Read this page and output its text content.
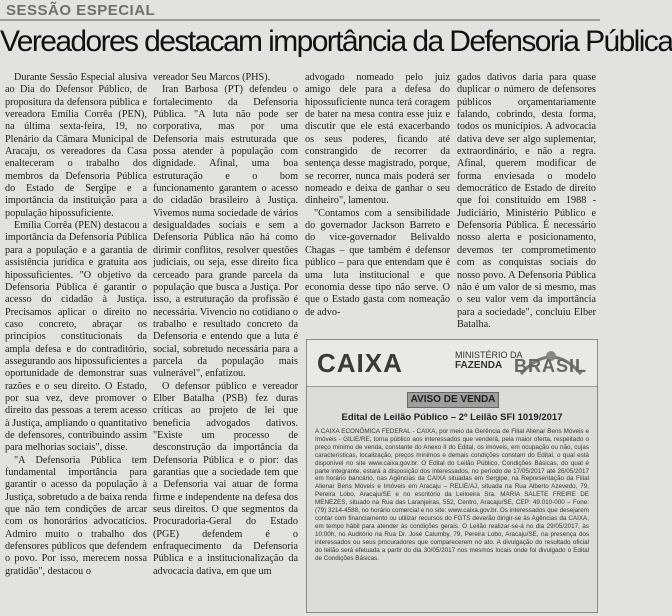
SESSÃO ESPECIAL
Vereadores destacam importância da Defensoria Pública

Durante Sessão Especial alusiva ao Dia do Defensor Público, de propositura da defensora pública e vereadora Emília Corrêa (PEN), na última sexta-feira, 19, no Plenário da Câmara Municipal de Aracaju, os vereadores da Casa enalteceram o trabalho dos membros da Defensoria Pública do Estado de Sergipe e a importância da instituição para a população hipossuficiente.

Emília Corrêa (PEN) destacou a importância da Defensoria Pública para a população e a garantia de assistência jurídica e gratuita aos hipossuficientes. "O objetivo da Defensoria Pública é garantir o acesso do cidadão à Justiça. Precisamos aplicar o direito no caso concreto, abraçar os princípios constitucionais da ampla defesa e do contraditório, assegurando aos hipossuficientes a oportunidade de demonstrar suas razões e o seu direito. O Estado, por sua vez, deve promover o direito das pessoas a terem acesso à Justiça, ampliando o quantitativo de defensores, contribuindo assim para melhorias sociais", disse.

"A Defensoria Pública tem fundamental importância para garantir o acesso da população à Justiça, sobretudo a de baixa renda que não tem condições de arcar com os honorários advocatícios. Admiro muito o trabalho dos defensores públicos que defendem o povo. Por isso, merecem nossa gratidão", destacou o

vereador Seu Marcos (PHS).

Iran Barbosa (PT) defendeu o fortalecimento da Defensoria Pública. "A luta não pode ser corporativa, mas por uma Defensoria mais estruturada que possa atender à população com dignidade. Afinal, uma boa estruturação e o bom funcionamento garantem o acesso do cidadão brasileiro à Justiça. Vivemos numa sociedade de vários desigualdades sociais e sem a Defensoria Pública não há como dirimir conflitos, resolver questões judiciais, ou seja, esse direito fica cerceado para grande parcela da população que busca a Justiça. Por isso, a estruturação da profissão é necessária. Vivencio no cotidiano o trabalho e resultado concreto da Defensoria e entendo que a luta é social, sobretudo necessária para a parcela da população mais vulnerável", enfatizou.

O defensor público e vereador Elber Batalha (PSB) fez duras críticas ao projeto de lei que beneficia advogados dativos. "Existe um processo de desconstrução da importância da Defensoria Pública e o pior: das garantias que a sociedade tem que a Defensoria vai atuar de forma firme e independente na defesa dos seus direitos. O que segmentos da Procuradoria-Geral do Estado (PGE) defendem é o enfraquecimento da Defensoria Pública e a institucionalização da advocacia dativa, em que um

advogado nomeado pelo juiz amigo dele para a defesa do hipossuficiente nunca terá coragem de bater na mesa contra esse juiz e discutir que ele está exacerbando os seus poderes, ficando até constrangido de recorrer da sentença desse magistrado, porque, se recorrer, nunca mais poderá ser nomeado e deixa de ganhar o seu dinheiro", lamentou.

"Contamos com a sensibilidade do governador Jackson Barreto e do vice-governador Belivaldo Chagas – que também é defensor público – para que entendam que é uma luta institucional e que economia desse tipo não serve. O que o Estado gasta com nomeação de advo-

gados dativos daria para quase duplicar o número de defensores públicos orçamentariamente falando, cobrindo, desta forma, todos os municípios. A advocacia dativa deve ser algo suplementar, extraordinário, e não a regra. Afinal, querem modificar de forma enviesada o modelo democrático de Estado de direito que foi constituído em 1988 - Judiciário, Ministério Público e Defensoria Pública. É necessário nosso alerta e posicionamento, devemos ter comprometimento com as conquistas sociais do nosso povo. A Defensoria Pública não é um valor de si mesmo, mas o seu valor vem da importância para a sociedade", concluiu Elber Batalha.

CAIXA	MINISTÉRIO DA
FAZENDA BRASIL
AVISO DE VENDA
Edital de Leilão Público – 2º Leilão SFI 1019/2017
A CAIXA ECONÔMICA FEDERAL - CAIXA, por meio da Gerência de Filial Alienar Bens Móveis e Imóveis - GILIE/RE, torna público aos interessados que venderá, pela maior oferta, respeitado o preço mínimo de venda, constante do Anexo II do Edital, os imóveis, em ocupação ou não, cujas características, localização, preços mínimos e demais condições constam do Edital, o qual está disponível no site www.caixa.gov.br. O Edital do Leilão Público, Condições Básicas, do qual é parte integrante, estará à disposição dos interessados, no período de 17/05/2017 até 26/05/2017 em horário bancário, nas Agências da CAIXA situadas em Sergipe, na Representação da Filial Alienar Bens Móveis e Imóveis em Aracaju – RELIE/AJ, situada na Rua Alberto Azevedo, 79, Pereira Lobo, Aracaju/SE e no escritório da Leiloeira Sra. MARIA SALETE FREIRE DE MENEZES, situado na Rua das Laranjeiras, 552, Centro, Aracaju/SE, CEP: 49.010-000 – Fone: (79) 3214-4588, no horário comercial e no site: www.caixa.gov.br. Os interessados que desejarem contar com financiamento ou utilizar recursos do FGTS deverão dirigir-se às Agências da CAIXA, em tempo hábil para atender às condições gerais. O Leilão realizar-se-á no dia 29/05/2017, às 10:00h, no Auditório na Rua Dr. José Calumby, 79, Pereira Lobo, Aracaju/SE, na presença dos interessados ou seus procuradores que comparecerem no ato. A divulgação do resultado oficial do leilão será efetuada a partir do dia 30/05/2017 nos mesmos locais onde foi divulgado o Edital de Condições Básicas.
